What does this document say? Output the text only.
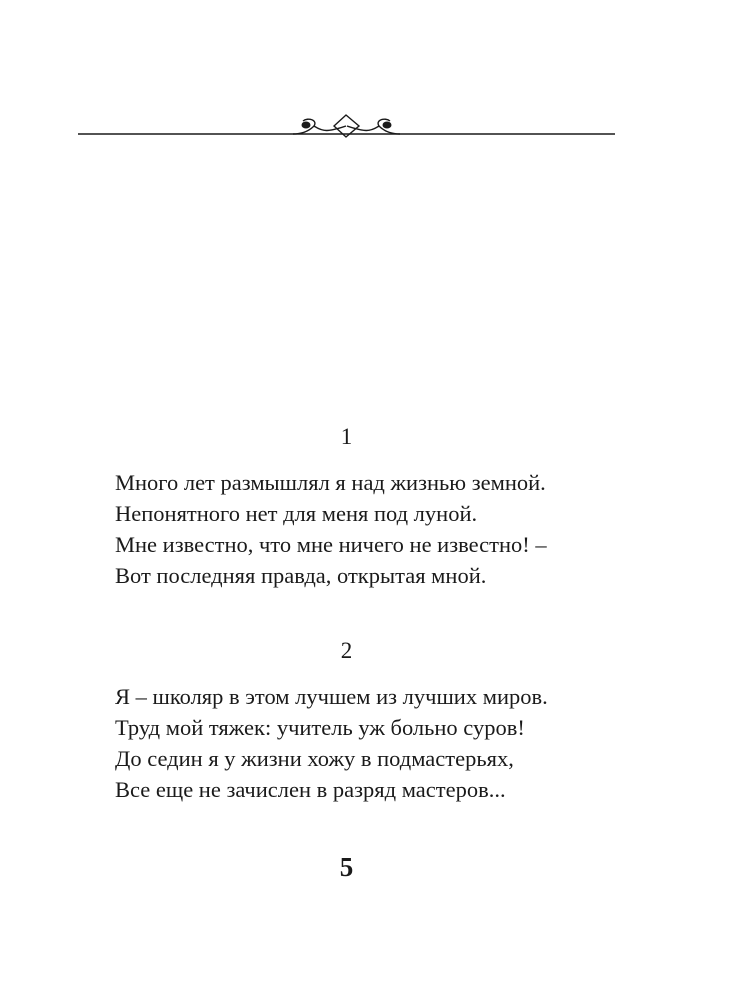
1
Много лет размышлял я над жизнью земной.
Непонятного нет для меня под луной.
Мне известно, что мне ничего не известно! –
Вот последняя правда, открытая мной.
2
Я – школяр в этом лучшем из лучших миров.
Труд мой тяжек: учитель уж больно суров!
До седин я у жизни хожу в подмастерьях,
Все еще не зачислен в разряд мастеров...
5
